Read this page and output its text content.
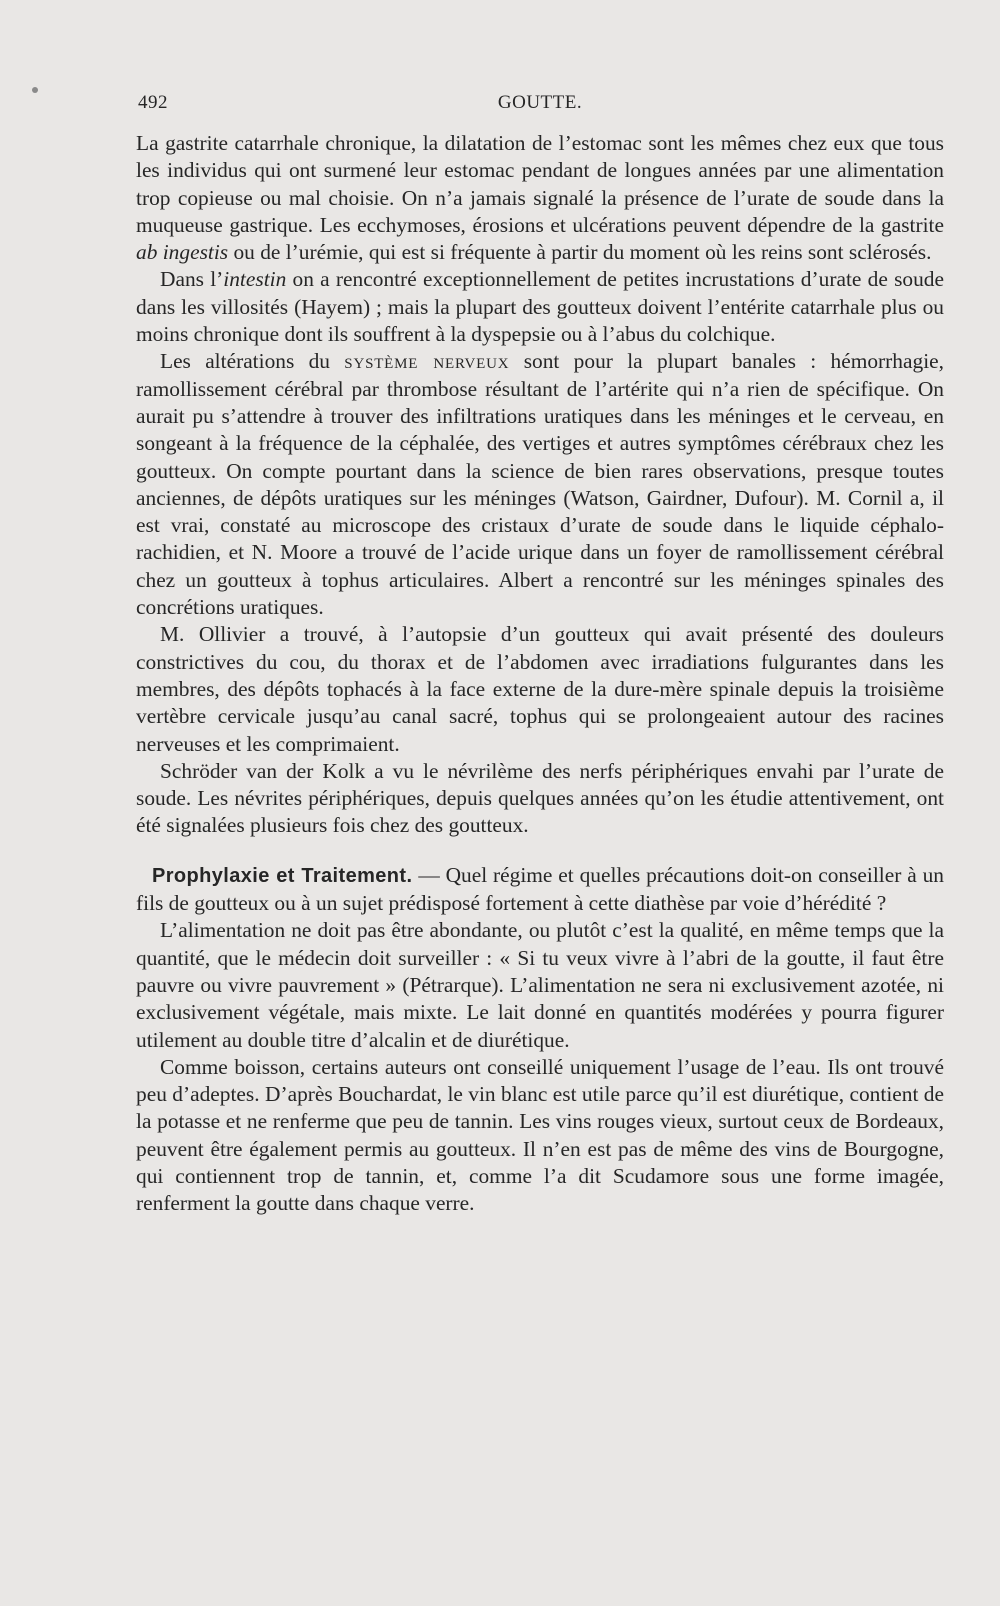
492	GOUTTE.

La gastrite catarrhale chronique, la dilatation de l’estomac sont les mêmes chez eux que tous les individus qui ont surmené leur estomac pendant de longues années par une alimentation trop copieuse ou mal choisie. On n’a jamais signalé la présence de l’urate de soude dans la muqueuse gastrique. Les ecchymoses, érosions et ulcérations peuvent dépendre de la gastrite ab ingestis ou de l’urémie, qui est si fréquente à partir du moment où les reins sont sclérosés.

Dans l’intestin on a rencontré exceptionnellement de petites incrustations d’urate de soude dans les villosités (Hayem) ; mais la plupart des goutteux doivent l’entérite catarrhale plus ou moins chronique dont ils souffrent à la dyspepsie ou à l’abus du colchique.

Les altérations du système nerveux sont pour la plupart banales : hémorrhagie, ramollissement cérébral par thrombose résultant de l’artérite qui n’a rien de spécifique. On aurait pu s’attendre à trouver des infiltrations uratiques dans les méninges et le cerveau, en songeant à la fréquence de la céphalée, des vertiges et autres symptômes cérébraux chez les goutteux. On compte pourtant dans la science de bien rares observations, presque toutes anciennes, de dépôts uratiques sur les méninges (Watson, Gairdner, Dufour). M. Cornil a, il est vrai, constaté au microscope des cristaux d’urate de soude dans le liquide céphalo-rachidien, et N. Moore a trouvé de l’acide urique dans un foyer de ramollissement cérébral chez un goutteux à tophus articulaires. Albert a rencontré sur les méninges spinales des concrétions uratiques.

M. Ollivier a trouvé, à l’autopsie d’un goutteux qui avait présenté des douleurs constrictives du cou, du thorax et de l’abdomen avec irradiations fulgurantes dans les membres, des dépôts tophacés à la face externe de la dure-mère spinale depuis la troisième vertèbre cervicale jusqu’au canal sacré, tophus qui se prolongeaient autour des racines nerveuses et les comprimaient.

Schröder van der Kolk a vu le névrilème des nerfs périphériques envahi par l’urate de soude. Les névrites périphériques, depuis quelques années qu’on les étudie attentivement, ont été signalées plusieurs fois chez des goutteux.

Prophylaxie et Traitement. — Quel régime et quelles précautions doit-on conseiller à un fils de goutteux ou à un sujet prédisposé fortement à cette diathèse par voie d’hérédité ?

L’alimentation ne doit pas être abondante, ou plutôt c’est la qualité, en même temps que la quantité, que le médecin doit surveiller : « Si tu veux vivre à l’abri de la goutte, il faut être pauvre ou vivre pauvrement » (Pétrarque). L’alimentation ne sera ni exclusivement azotée, ni exclusivement végétale, mais mixte. Le lait donné en quantités modérées y pourra figurer utilement au double titre d’alcalin et de diurétique.

Comme boisson, certains auteurs ont conseillé uniquement l’usage de l’eau. Ils ont trouvé peu d’adeptes. D’après Bouchardat, le vin blanc est utile parce qu’il est diurétique, contient de la potasse et ne renferme que peu de tannin. Les vins rouges vieux, surtout ceux de Bordeaux, peuvent être également permis au goutteux. Il n’en est pas de même des vins de Bourgogne, qui contiennent trop de tannin, et, comme l’a dit Scudamore sous une forme imagée, renferment la goutte dans chaque verre.
